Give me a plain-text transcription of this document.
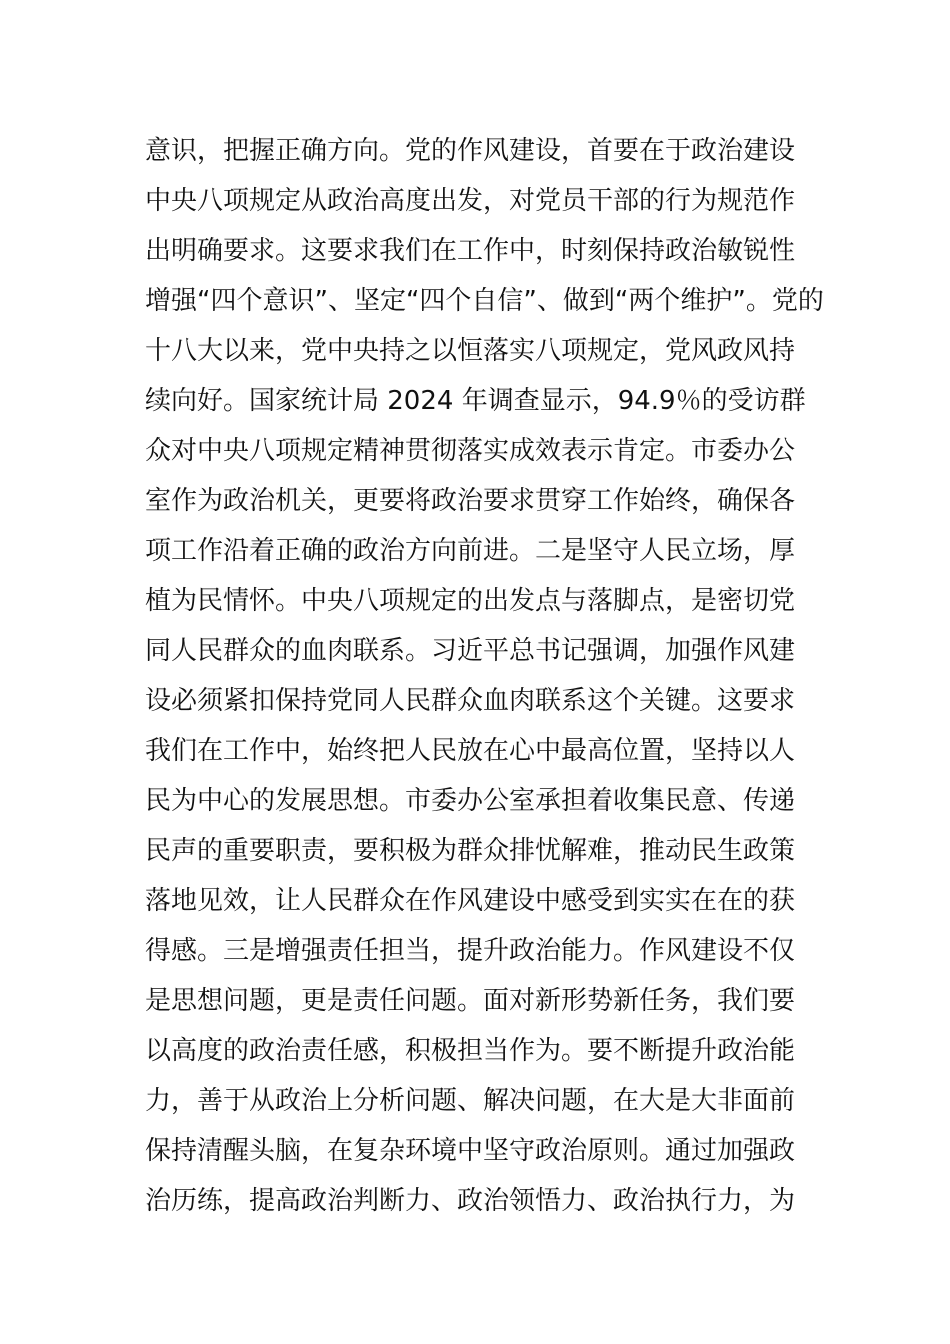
意识，把握正确方向。党的作风建设，首要在于政治建设
中央八项规定从政治高度出发，对党员干部的行为规范作
出明确要求。这要求我们在工作中，时刻保持政治敏锐性
增强“四个意识”、坚定“四个自信”、做到“两个维护”。党的
十八大以来，党中央持之以恒落实八项规定，党风政风持
续向好。国家统计局 2024 年调查显示，94.9％的受访群
众对中央八项规定精神贯彻落实成效表示肯定。市委办公
室作为政治机关，更要将政治要求贯穿工作始终，确保各
项工作沿着正确的政治方向前进。二是坚守人民立场，厚
植为民情怀。中央八项规定的出发点与落脚点，是密切党
同人民群众的血肉联系。习近平总书记强调，加强作风建
设必须紧扣保持党同人民群众血肉联系这个关键。这要求
我们在工作中，始终把人民放在心中最高位置，坚持以人
民为中心的发展思想。市委办公室承担着收集民意、传递
民声的重要职责，要积极为群众排忧解难，推动民生政策
落地见效，让人民群众在作风建设中感受到实实在在的获
得感。三是增强责任担当，提升政治能力。作风建设不仅
是思想问题，更是责任问题。面对新形势新任务，我们要
以高度的政治责任感，积极担当作为。要不断提升政治能
力，善于从政治上分析问题、解决问题，在大是大非面前
保持清醒头脑，在复杂环境中坚守政治原则。通过加强政
治历练，提高政治判断力、政治领悟力、政治执行力，为
